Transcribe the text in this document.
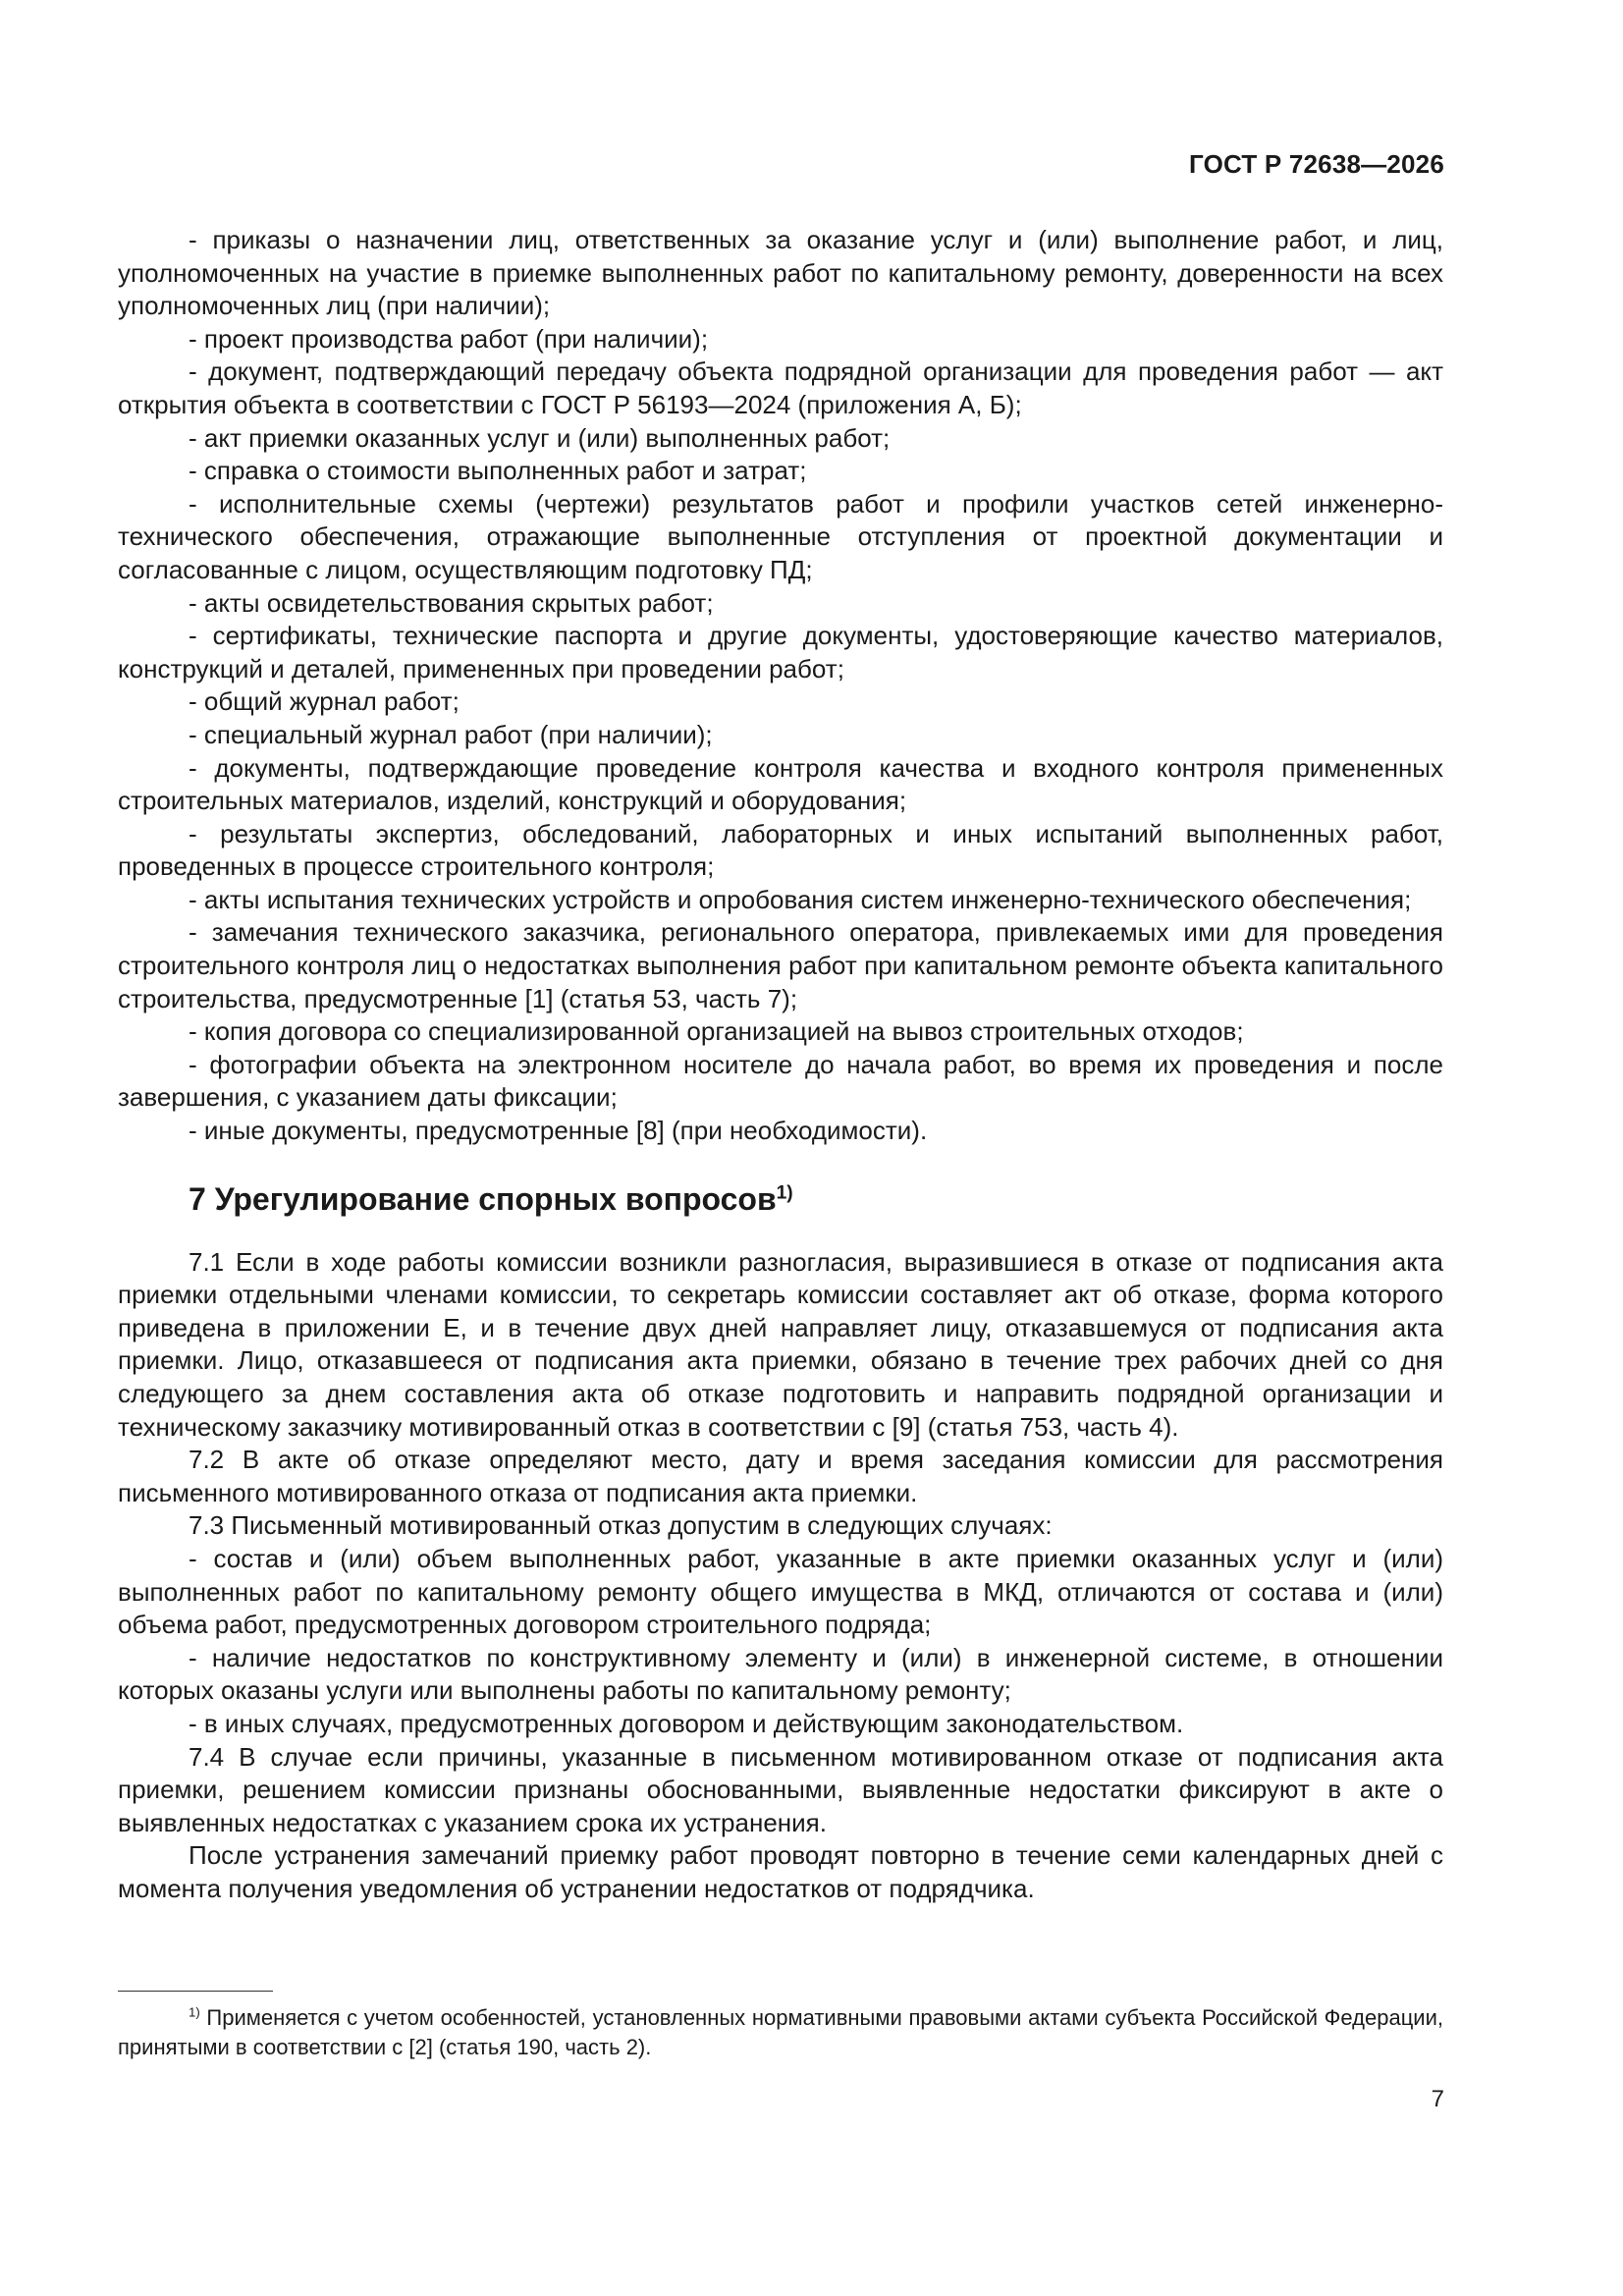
ГОСТ Р 72638—2026

- приказы о назначении лиц, ответственных за оказание услуг и (или) выполнение работ, и лиц, уполномоченных на участие в приемке выполненных работ по капитальному ремонту, доверенности на всех уполномоченных лиц (при наличии);

- проект производства работ (при наличии);

- документ, подтверждающий передачу объекта подрядной организации для проведения работ — акт открытия объекта в соответствии с ГОСТ Р 56193—2024 (приложения А, Б);

- акт приемки оказанных услуг и (или) выполненных работ;

- справка о стоимости выполненных работ и затрат;

- исполнительные схемы (чертежи) результатов работ и профили участков сетей инженерно-технического обеспечения, отражающие выполненные отступления от проектной документации и согласованные с лицом, осуществляющим подготовку ПД;

- акты освидетельствования скрытых работ;

- сертификаты, технические паспорта и другие документы, удостоверяющие качество материалов, конструкций и деталей, примененных при проведении работ;

- общий журнал работ;

- специальный журнал работ (при наличии);

- документы, подтверждающие проведение контроля качества и входного контроля примененных строительных материалов, изделий, конструкций и оборудования;

- результаты экспертиз, обследований, лабораторных и иных испытаний выполненных работ, проведенных в процессе строительного контроля;

- акты испытания технических устройств и опробования систем инженерно-технического обеспечения;

- замечания технического заказчика, регионального оператора, привлекаемых ими для проведения строительного контроля лиц о недостатках выполнения работ при капитальном ремонте объекта капитального строительства, предусмотренные [1] (статья 53, часть 7);

- копия договора со специализированной организацией на вывоз строительных отходов;

- фотографии объекта на электронном носителе до начала работ, во время их проведения и после завершения, с указанием даты фиксации;

- иные документы, предусмотренные [8] (при необходимости).

7 Урегулирование спорных вопросов$^{1)}$

7.1 Если в ходе работы комиссии возникли разногласия, выразившиеся в отказе от подписания акта приемки отдельными членами комиссии, то секретарь комиссии составляет акт об отказе, форма которого приведена в приложении Е, и в течение двух дней направляет лицу, отказавшемуся от подписания акта приемки. Лицо, отказавшееся от подписания акта приемки, обязано в течение трех рабочих дней со дня следующего за днем составления акта об отказе подготовить и направить подрядной организации и техническому заказчику мотивированный отказ в соответствии с [9] (статья 753, часть 4).

7.2 В акте об отказе определяют место, дату и время заседания комиссии для рассмотрения письменного мотивированного отказа от подписания акта приемки.

7.3 Письменный мотивированный отказ допустим в следующих случаях:

- состав и (или) объем выполненных работ, указанные в акте приемки оказанных услуг и (или) выполненных работ по капитальному ремонту общего имущества в МКД, отличаются от состава и (или) объема работ, предусмотренных договором строительного подряда;

- наличие недостатков по конструктивному элементу и (или) в инженерной системе, в отношении которых оказаны услуги или выполнены работы по капитальному ремонту;

- в иных случаях, предусмотренных договором и действующим законодательством.

7.4 В случае если причины, указанные в письменном мотивированном отказе от подписания акта приемки, решением комиссии признаны обоснованными, выявленные недостатки фиксируют в акте о выявленных недостатках с указанием срока их устранения.

После устранения замечаний приемку работ проводят повторно в течение семи календарных дней с момента получения уведомления об устранении недостатков от подрядчика.

$^{1)}$ Применяется с учетом особенностей, установленных нормативными правовыми актами субъекта Российской Федерации, принятыми в соответствии с [2] (статья 190, часть 2).

7
